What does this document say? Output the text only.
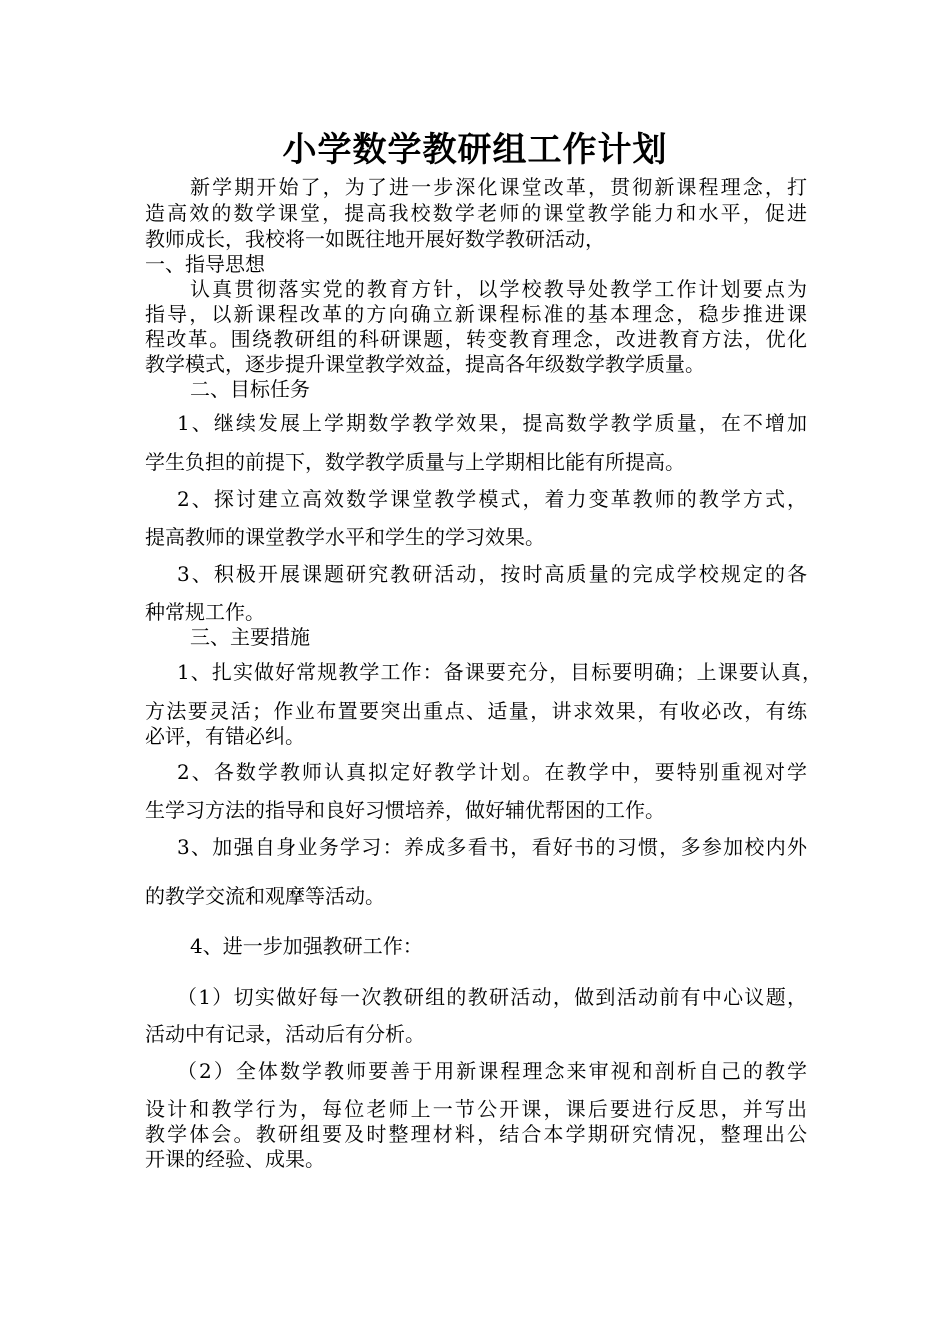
小学数学教研组工作计划
新学期开始了，为了进一步深化课堂改革，贯彻新课程理念，打
造高效的数学课堂，提高我校数学老师的课堂教学能力和水平，促进
教师成长，我校将一如既往地开展好数学教研活动，
一、指导思想
认真贯彻落实党的教育方针，以学校教导处教学工作计划要点为
指导，以新课程改革的方向确立新课程标准的基本理念，稳步推进课
程改革。围绕教研组的科研课题，转变教育理念，改进教育方法，优化
教学模式，逐步提升课堂教学效益，提高各年级数学教学质量。
二、目标任务
1、继续发展上学期数学教学效果，提高数学教学质量，在不增加
学生负担的前提下，数学教学质量与上学期相比能有所提高。
2、探讨建立高效数学课堂教学模式，着力变革教师的教学方式，
提高教师的课堂教学水平和学生的学习效果。
3、积极开展课题研究教研活动，按时高质量的完成学校规定的各
种常规工作。
三、主要措施
1、扎实做好常规教学工作：备课要充分，目标要明确；上课要认真，
方法要灵活；作业布置要突出重点、适量，讲求效果，有收必改，有练
必评，有错必纠。
2、各数学教师认真拟定好教学计划。在教学中，要特别重视对学
生学习方法的指导和良好习惯培养，做好辅优帮困的工作。
3、加强自身业务学习：养成多看书，看好书的习惯，多参加校内外
的教学交流和观摩等活动。
4、进一步加强教研工作：
（1）切实做好每一次教研组的教研活动，做到活动前有中心议题，
活动中有记录，活动后有分析。
（2）全体数学教师要善于用新课程理念来审视和剖析自己的教学
设计和教学行为，每位老师上一节公开课，课后要进行反思，并写出
教学体会。教研组要及时整理材料，结合本学期研究情况，整理出公
开课的经验、成果。
